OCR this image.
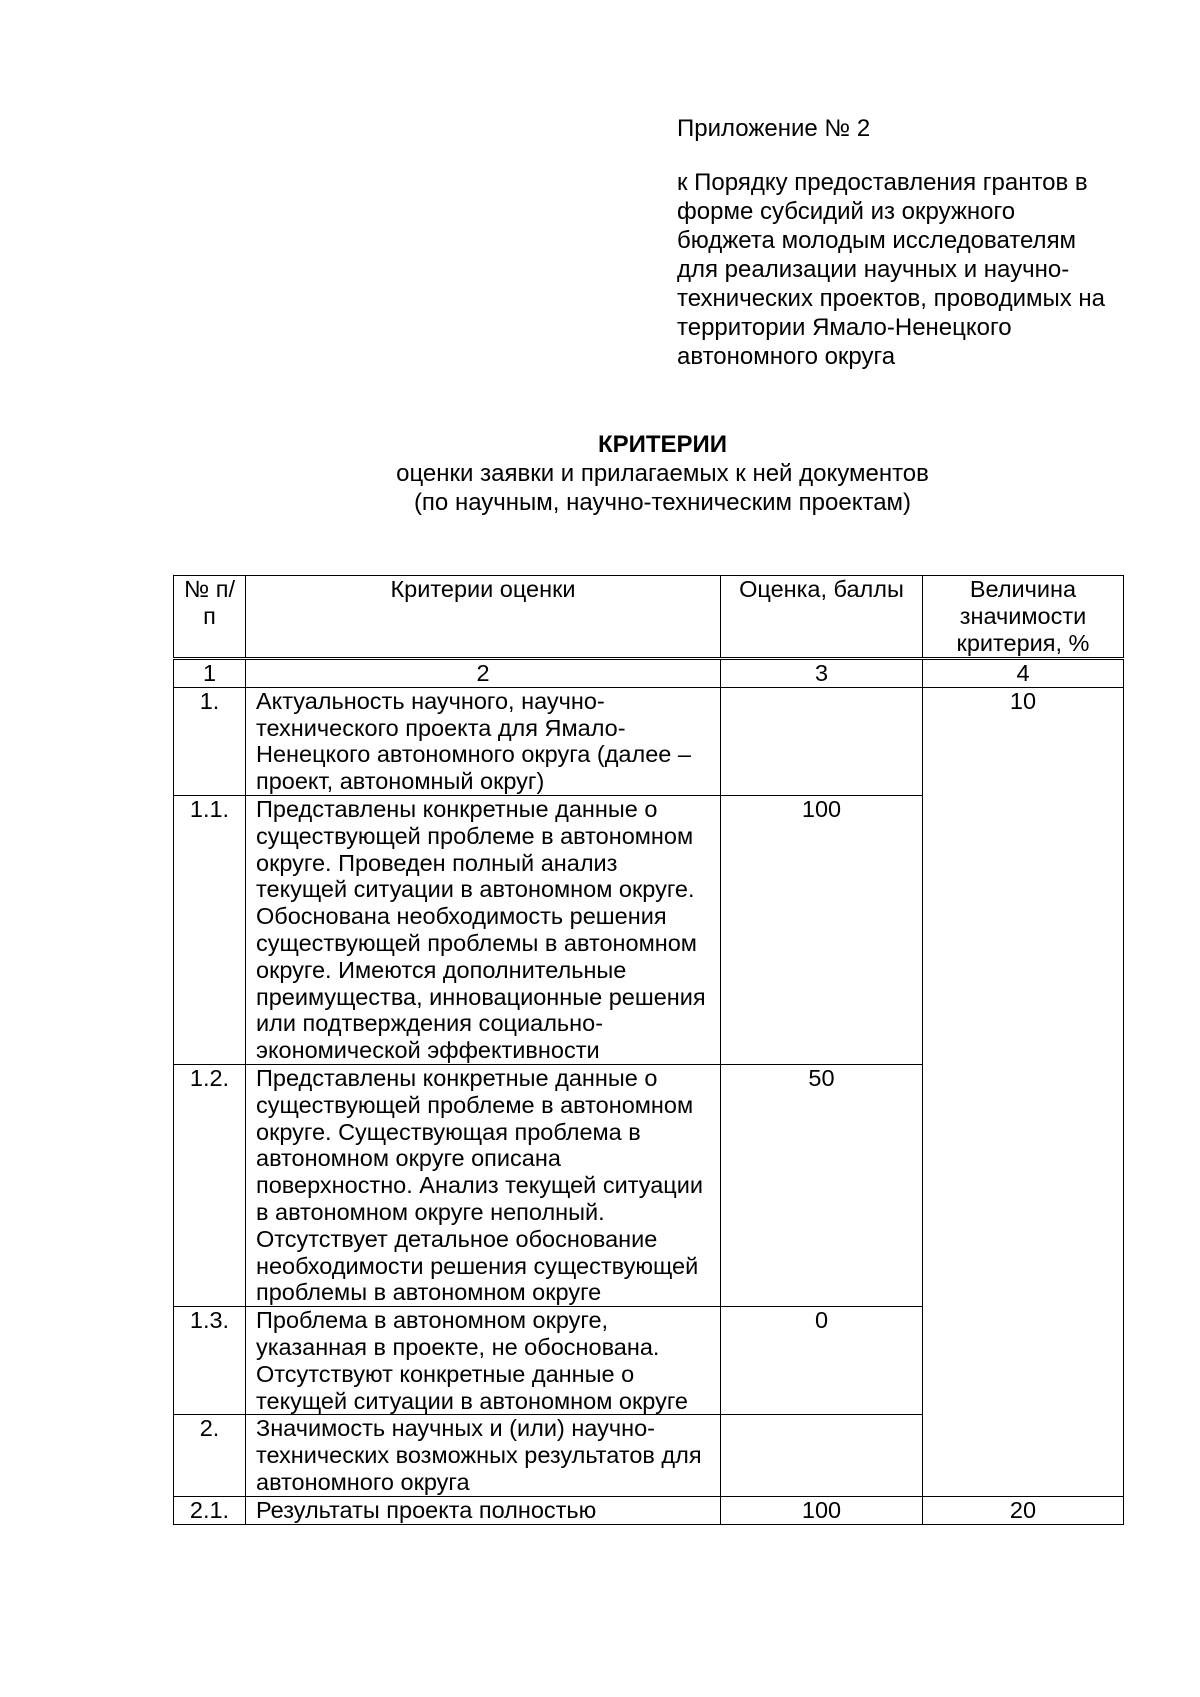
Приложение № 2

к Порядку предоставления грантов в
форме субсидий из окружного
бюджета молодым исследователям
для реализации научных и научно-
технических проектов, проводимых на
территории Ямало-Ненецкого
автономного округа

КРИТЕРИИ
оценки заявки и прилагаемых к ней документов
(по научным, научно-техническим проектам)
№ п/п	Критерии оценки	Оценка, баллы	Величина значимости критерия, %
1	2	3	4
1.	Актуальность научного, научно-технического проекта для Ямало-Ненецкого автономного округа (далее – проект, автономный округ)		10
1.1.	Представлены конкретные данные о существующей проблеме в автономном округе. Проведен полный анализ текущей ситуации в автономном округе. Обоснована необходимость решения существующей проблемы в автономном округе. Имеются дополнительные преимущества, инновационные решения или подтверждения социально-экономической эффективности	100	
1.2.	Представлены конкретные данные о существующей проблеме в автономном округе. Существующая проблема в автономном округе описана поверхностно. Анализ текущей ситуации в автономном округе неполный. Отсутствует детальное обоснование необходимости решения существующей проблемы в автономном округе	50	
1.3.	Проблема в автономном округе, указанная в проекте, не обоснована. Отсутствуют конкретные данные о текущей ситуации в автономном округе	0	
2.	Значимость научных и (или) научно-технических возможных результатов для автономного округа		
2.1.	Результаты проекта полностью	100	20
